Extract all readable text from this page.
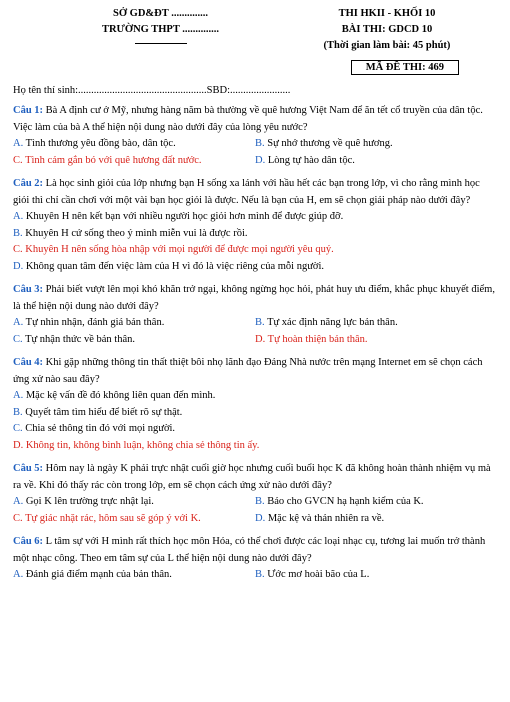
SỞ GD&ĐT ..............
TRƯỜNG THPT ..............
THI HKII - KHỐI 10
BÀI THI: GDCD 10
(Thời gian làm bài: 45 phút)
MÃ ĐỀ THI: 469
Họ tên thí sinh:.................................................SBD:.......................
Câu 1: Bà A định cư ở Mỹ, nhưng hàng năm bà thường về quê hương Việt Nam để ăn tết cổ truyền của dân tộc. Việc làm của bà A thể hiện nội dung nào dưới đây của lòng yêu nước?
A. Tình thương yêu đồng bào, dân tộc.	B. Sự nhớ thương về quê hương.
C. Tình cảm gắn bó với quê hương đất nước.	D. Lòng tự hào dân tộc.
Câu 2: Là học sinh giỏi của lớp nhưng bạn H sống xa lánh với hầu hết các bạn trong lớp, vì cho rằng mình học giỏi thì chỉ cần chơi với một vài bạn học giỏi là được. Nếu là bạn của H, em sẽ chọn giải pháp nào dưới đây?
A. Khuyên H nên kết bạn với nhiều người học giỏi hơn mình để được giúp đỡ.
B. Khuyên H cứ sống theo ý mình miễn vui là được rồi.
C. Khuyên H nên sống hòa nhập với mọi người để được mọi người yêu quý.
D. Không quan tâm đến việc làm của H vì đó là việc riêng của mỗi người.
Câu 3: Phải biết vượt lên mọi khó khăn trở ngại, không ngừng học hỏi, phát huy ưu điểm, khắc phục khuyết điểm, là thể hiện nội dung nào dưới đây?
A. Tự nhìn nhận, đánh giá bản thân.	B. Tự xác định năng lực bản thân.
C. Tự nhận thức về bản thân.	D. Tự hoàn thiện bản thân.
Câu 4: Khi gặp những thông tin thất thiệt bôi nhọ lãnh đạo Đảng Nhà nước trên mạng Internet em sẽ chọn cách ứng xử nào sau đây?
A. Mặc kệ vấn đề đó không liên quan đến mình.
B. Quyết tâm tìm hiểu để biết rõ sự thật.
C. Chia sẻ thông tin đó với mọi người.
D. Không tin, không bình luận, không chia sẻ thông tin ấy.
Câu 5: Hôm nay là ngày K phải trực nhật cuối giờ học nhưng cuối buổi học K đã không hoàn thành nhiệm vụ mà ra về. Khi đó thấy rác còn trong lớp, em sẽ chọn cách ứng xử nào dưới đây?
A. Gọi K lên trường trực nhật lại.	B. Báo cho GVCN hạ hạnh kiểm của K.
C. Tự giác nhặt rác, hôm sau sẽ góp ý với K.	D. Mặc kệ và thản nhiên ra về.
Câu 6: L tâm sự với H mình rất thích học môn Hóa, có thể chơi được các loại nhạc cụ, tương lai muốn trở thành một nhạc công. Theo em tâm sự của L thể hiện nội dung nào dưới đây?
A. Đánh giá điểm mạnh của bản thân.	B. Ước mơ hoài bão của L.
